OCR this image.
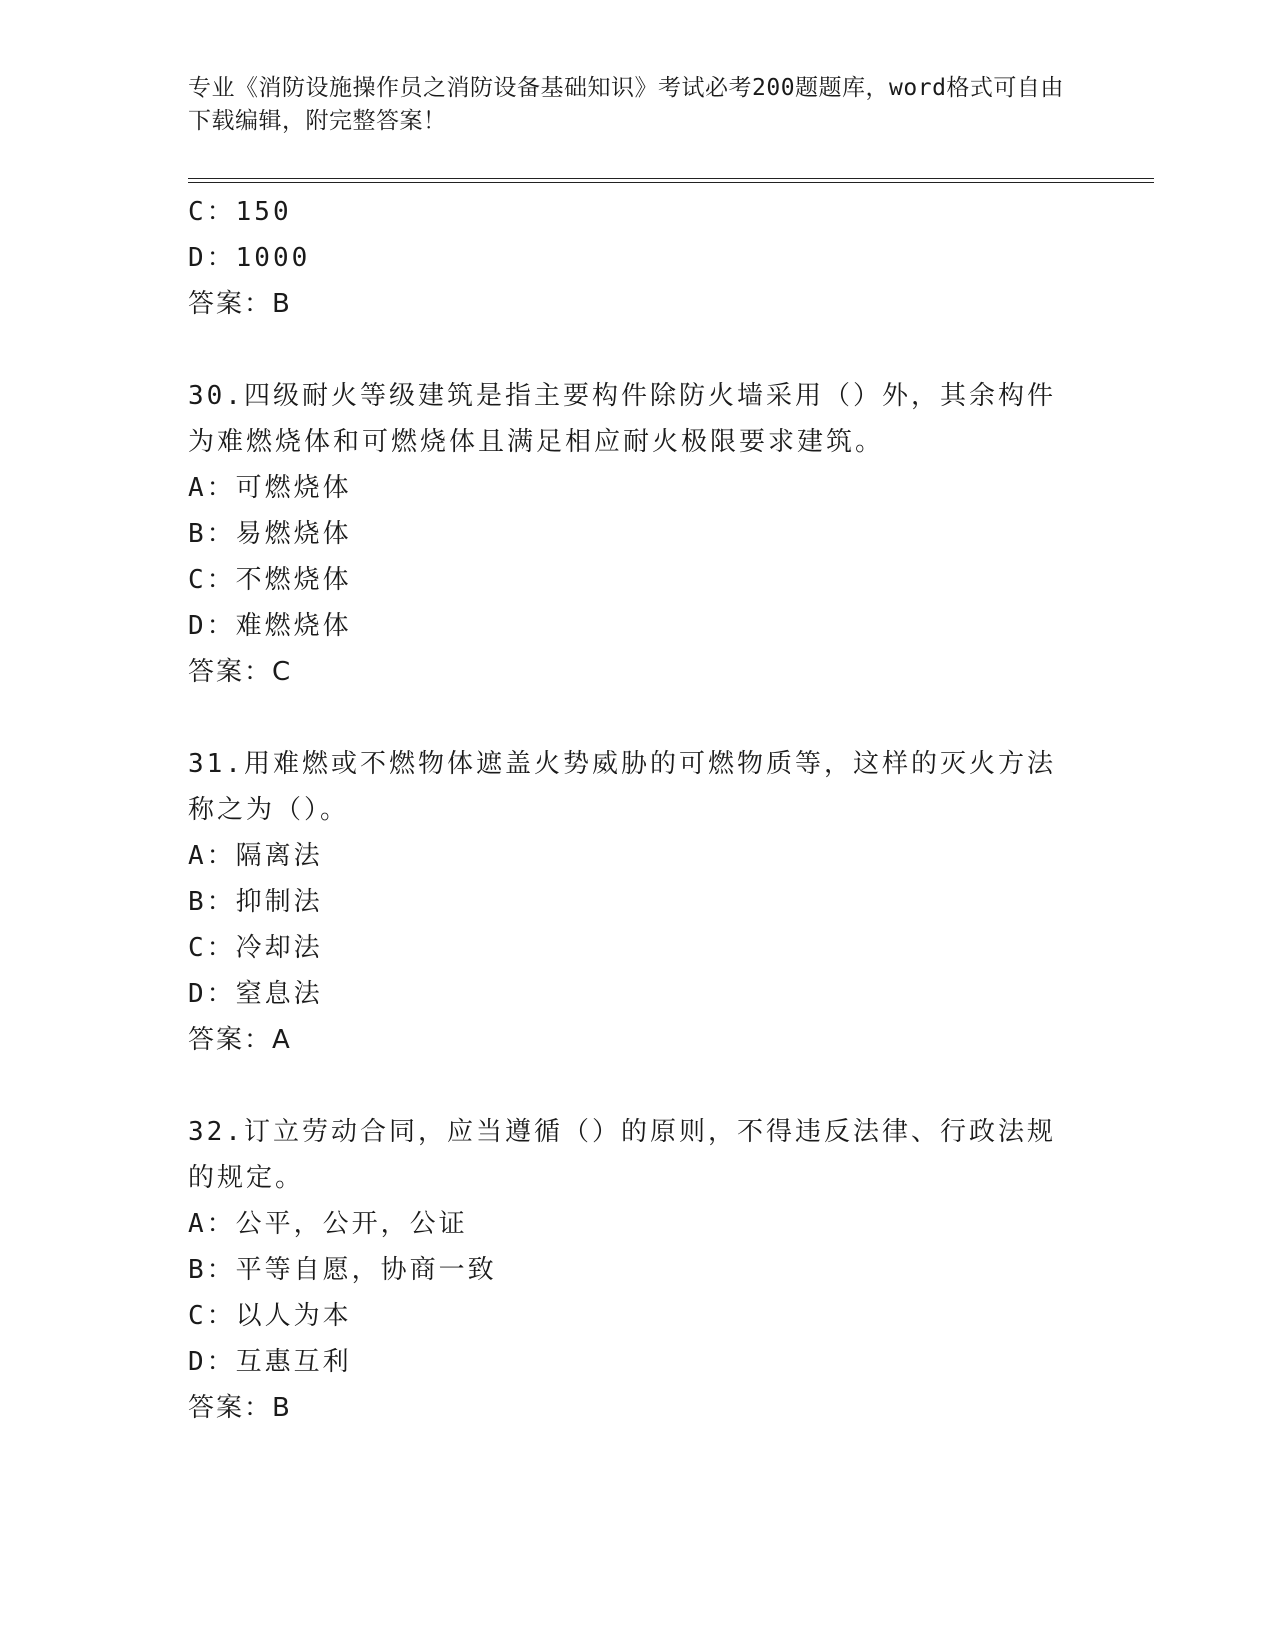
专业《消防设施操作员之消防设备基础知识》考试必考200题题库，word格式可自由下载编辑，附完整答案！
C：150
D：1000
答案：B
30.四级耐火等级建筑是指主要构件除防火墙采用（）外，其余构件为难燃烧体和可燃烧体且满足相应耐火极限要求建筑。
A：可燃烧体
B：易燃烧体
C：不燃烧体
D：难燃烧体
答案：C
31.用难燃或不燃物体遮盖火势威胁的可燃物质等，这样的灭火方法称之为（）。
A：隔离法
B：抑制法
C：冷却法
D：窒息法
答案：A
32.订立劳动合同，应当遵循（）的原则，不得违反法律、行政法规的规定。
A：公平，公开，公证
B：平等自愿，协商一致
C：以人为本
D：互惠互利
答案：B
